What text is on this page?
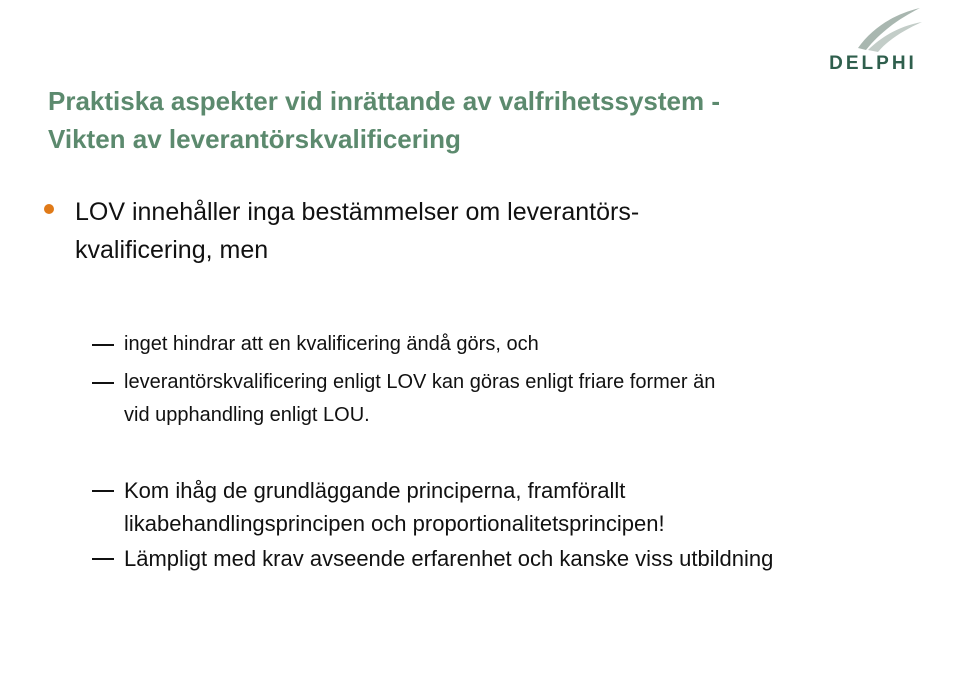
DELPHI
Praktiska aspekter vid inrättande av valfrihetssystem -
Vikten av leverantörskvalificering
LOV innehåller inga bestämmelser om leverantörs-
kvalificering, men
inget hindrar att en kvalificering ändå görs, och
leverantörskvalificering enligt LOV kan göras enligt friare former än
vid upphandling enligt LOU.
Kom ihåg de grundläggande principerna, framförallt
likabehandlingsprincipen och proportionalitetsprincipen!
Lämpligt med krav avseende erfarenhet och kanske viss utbildning
